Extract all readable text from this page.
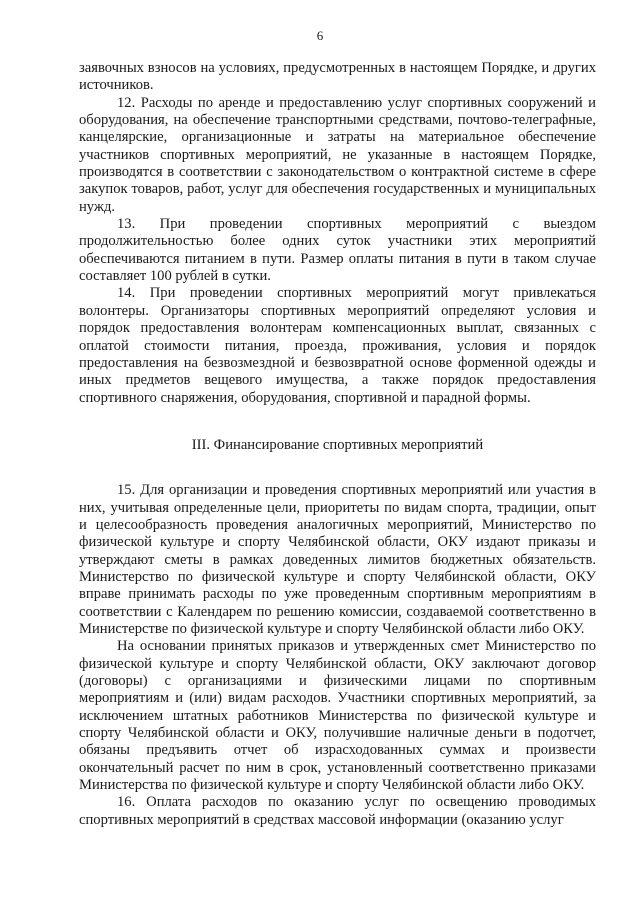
6

заявочных взносов на условиях, предусмотренных в настоящем Порядке, и других источников.

12. Расходы по аренде и предоставлению услуг спортивных сооружений и оборудования, на обеспечение транспортными средствами, почтово-телеграфные, канцелярские, организационные и затраты на материальное обеспечение участников спортивных мероприятий, не указанные в настоящем Порядке, производятся в соответствии с законодательством о контрактной системе в сфере закупок товаров, работ, услуг для обеспечения государственных и муниципальных нужд.

13. При проведении спортивных мероприятий с выездом продолжительностью более одних суток участники этих мероприятий обеспечиваются питанием в пути. Размер оплаты питания в пути в таком случае составляет 100 рублей в сутки.

14. При проведении спортивных мероприятий могут привлекаться волонтеры. Организаторы спортивных мероприятий определяют условия и порядок предоставления волонтерам компенсационных выплат, связанных с оплатой стоимости питания, проезда, проживания, условия и порядок предоставления на безвозмездной и безвозвратной основе форменной одежды и иных предметов вещевого имущества, а также порядок предоставления спортивного снаряжения, оборудования, спортивной и парадной формы.

III. Финансирование спортивных мероприятий

15. Для организации и проведения спортивных мероприятий или участия в них, учитывая определенные цели, приоритеты по видам спорта, традиции, опыт и целесообразность проведения аналогичных мероприятий, Министерство по физической культуре и спорту Челябинской области, ОКУ издают приказы и утверждают сметы в рамках доведенных лимитов бюджетных обязательств. Министерство по физической культуре и спорту Челябинской области, ОКУ вправе принимать расходы по уже проведенным спортивным мероприятиям в соответствии с Календарем по решению комиссии, создаваемой соответственно в Министерстве по физической культуре и спорту Челябинской области либо ОКУ.

На основании принятых приказов и утвержденных смет Министерство по физической культуре и спорту Челябинской области, ОКУ заключают договор (договоры) с организациями и физическими лицами по спортивным мероприятиям и (или) видам расходов. Участники спортивных мероприятий, за исключением штатных работников Министерства по физической культуре и спорту Челябинской области и ОКУ, получившие наличные деньги в подотчет, обязаны предъявить отчет об израсходованных суммах и произвести окончательный расчет по ним в срок, установленный соответственно приказами Министерства по физической культуре и спорту Челябинской области либо ОКУ.

16. Оплата расходов по оказанию услуг по освещению проводимых спортивных мероприятий в средствах массовой информации (оказанию услуг
